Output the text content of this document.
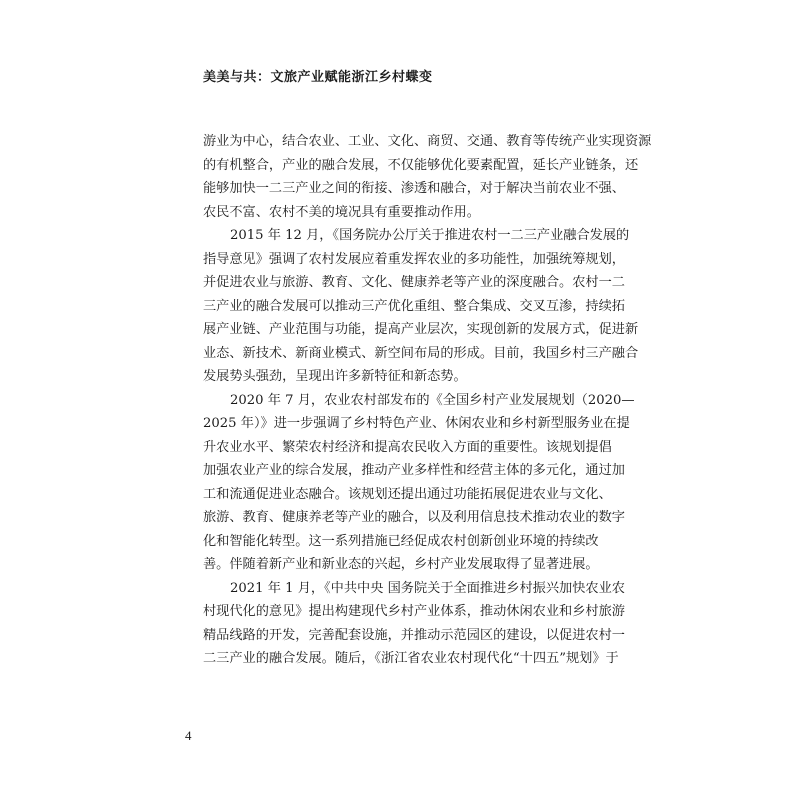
美美与共：文旅产业赋能浙江乡村蝶变
游业为中心，结合农业、工业、文化、商贸、交通、教育等传统产业实现资源
的有机整合，产业的融合发展，不仅能够优化要素配置，延长产业链条，还
能够加快一二三产业之间的衔接、渗透和融合，对于解决当前农业不强、
农民不富、农村不美的境况具有重要推动作用。
2015 年 12 月，《国务院办公厅关于推进农村一二三产业融合发展的
指导意见》强调了农村发展应着重发挥农业的多功能性，加强统筹规划，
并促进农业与旅游、教育、文化、健康养老等产业的深度融合。农村一二
三产业的融合发展可以推动三产优化重组、整合集成、交叉互渗，持续拓
展产业链、产业范围与功能，提高产业层次，实现创新的发展方式，促进新
业态、新技术、新商业模式、新空间布局的形成。目前，我国乡村三产融合
发展势头强劲，呈现出许多新特征和新态势。
2020 年 7 月，农业农村部发布的《全国乡村产业发展规划（2020—
2025 年）》进一步强调了乡村特色产业、休闲农业和乡村新型服务业在提
升农业水平、繁荣农村经济和提高农民收入方面的重要性。该规划提倡
加强农业产业的综合发展，推动产业多样性和经营主体的多元化，通过加
工和流通促进业态融合。该规划还提出通过功能拓展促进农业与文化、
旅游、教育、健康养老等产业的融合，以及利用信息技术推动农业的数字
化和智能化转型。这一系列措施已经促成农村创新创业环境的持续改
善。伴随着新产业和新业态的兴起，乡村产业发展取得了显著进展。
2021 年 1 月，《中共中央 国务院关于全面推进乡村振兴加快农业农
村现代化的意见》提出构建现代乡村产业体系，推动休闲农业和乡村旅游
精品线路的开发，完善配套设施，并推动示范园区的建设，以促进农村一
二三产业的融合发展。随后，《浙江省农业农村现代化“十四五”规划》于
4
